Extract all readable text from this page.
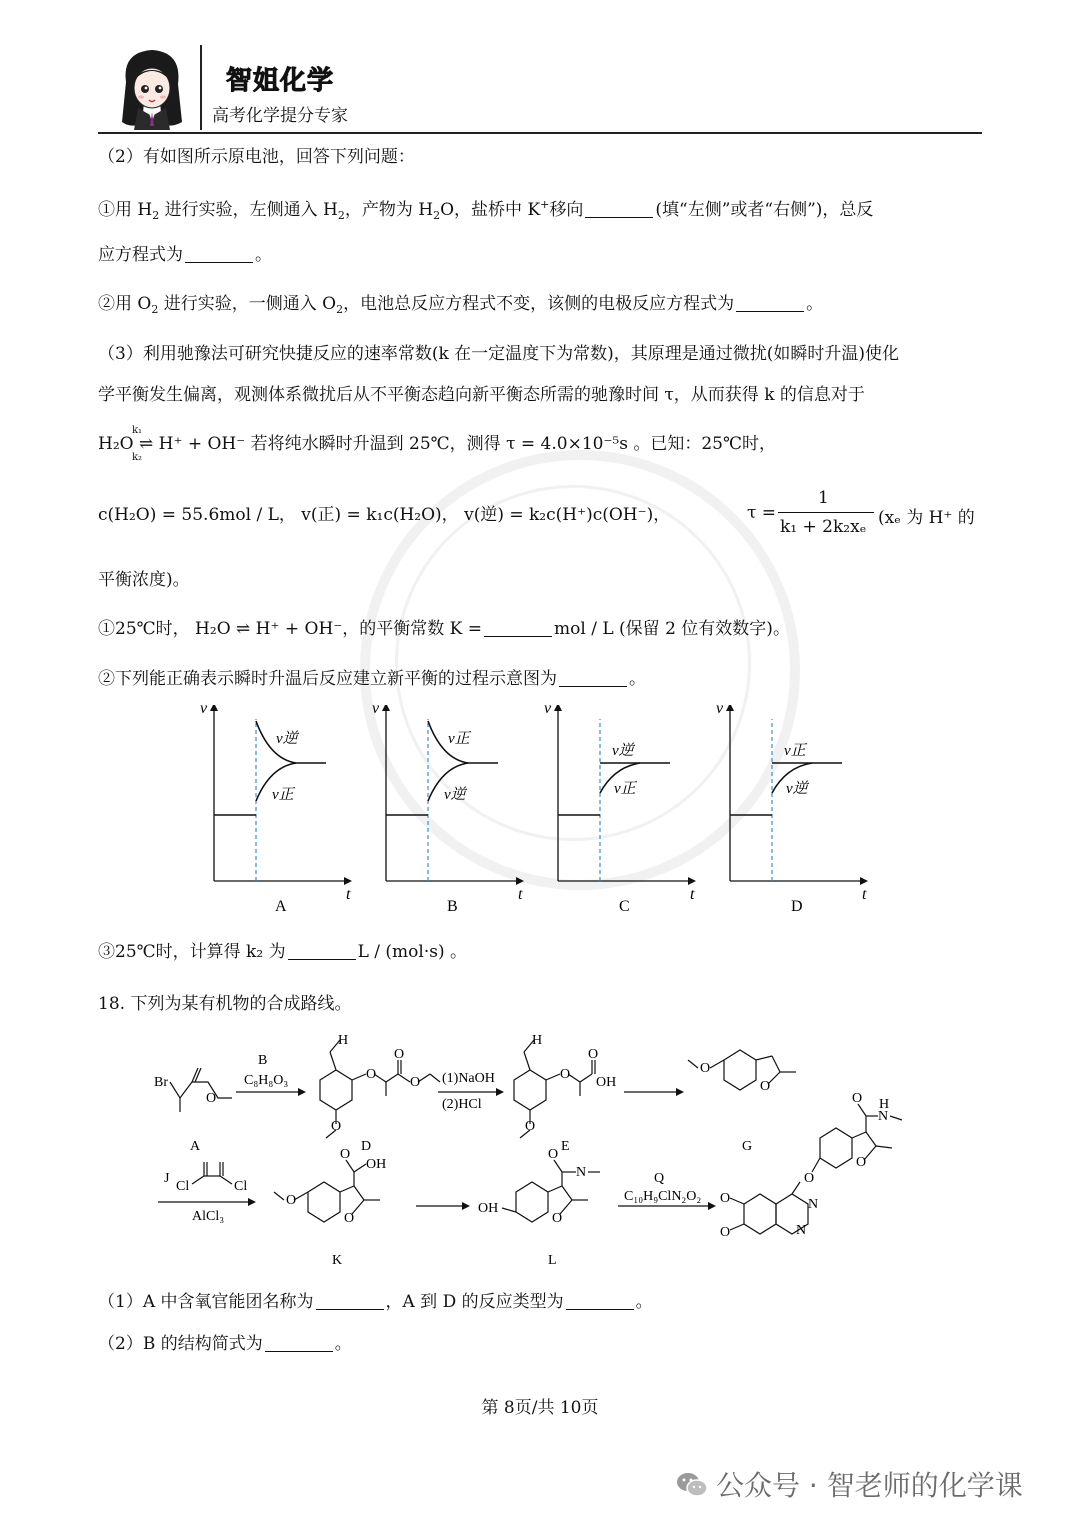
智姐化学
高考化学提分专家
（2）有如图所示原电池，回答下列问题：
①用 $H_2$ 进行实验，左侧通入 $H_2$，产物为 $H_2O$，盐桥中 K+移向	(填“左侧”或者“右侧”)，总反
应方程式为	。
②用 $O_2$ 进行实验，一侧通入 $O_2$，电池总反应方程式不变，该侧的电极反应方程式为	。
（3）利用驰豫法可研究快捷反应的速率常数(k 在一定温度下为常数)，其原理是通过微扰(如瞬时升温)使化
学平衡发生偏离，观测体系微扰后从不平衡态趋向新平衡态所需的驰豫时间 τ，从而获得 k 的信息对于
H₂O ⇌ H⁺ + OH⁻ 若将纯水瞬时升温到 25℃，测得 τ = 4.0×10⁻⁵s 。已知：25℃时，
k₁
k₂
c(H₂O) = 55.6mol / L， v(正) = k₁c(H₂O)， v(逆) = k₂c(H⁺)c(OH⁻)，	τ =
1
k₁ + 2k₂xₑ (xₑ 为 H⁺ 的
平衡浓度)。
①25℃时， H₂O ⇌ H⁺ + OH⁻，的平衡常数 K =	mol / L (保留 2 位有效数字)。
②下列能正确表示瞬时升温后反应建立新平衡的过程示意图为	。
v
t
v逆
v正
A
v
t
v正
v逆
B
v
t
v逆
v正
C
v
t
v正
v逆
D
③25℃时，计算得 k₂ 为	L / (mol·s) 。
18. 下列为某有机物的合成路线。
Br
O
A
B
C₈H₈O₃
H
O
O
O
O
D
(1)NaOH
(2)HCl
H
O
O
OH
O
E
O
O
G
J
Cl	Cl
AlCl₃
O
O
O
OH
K
OH
O
O
N
L
Q
C₁₀H₉ClN₂O₂ O
O
O
N
N
O
O
N
H
（1）A 中含氧官能团名称为	，A 到 D 的反应类型为	。
（2）B 的结构简式为	。
第 8页/共 10页
公众号 · 智老师的化学课
